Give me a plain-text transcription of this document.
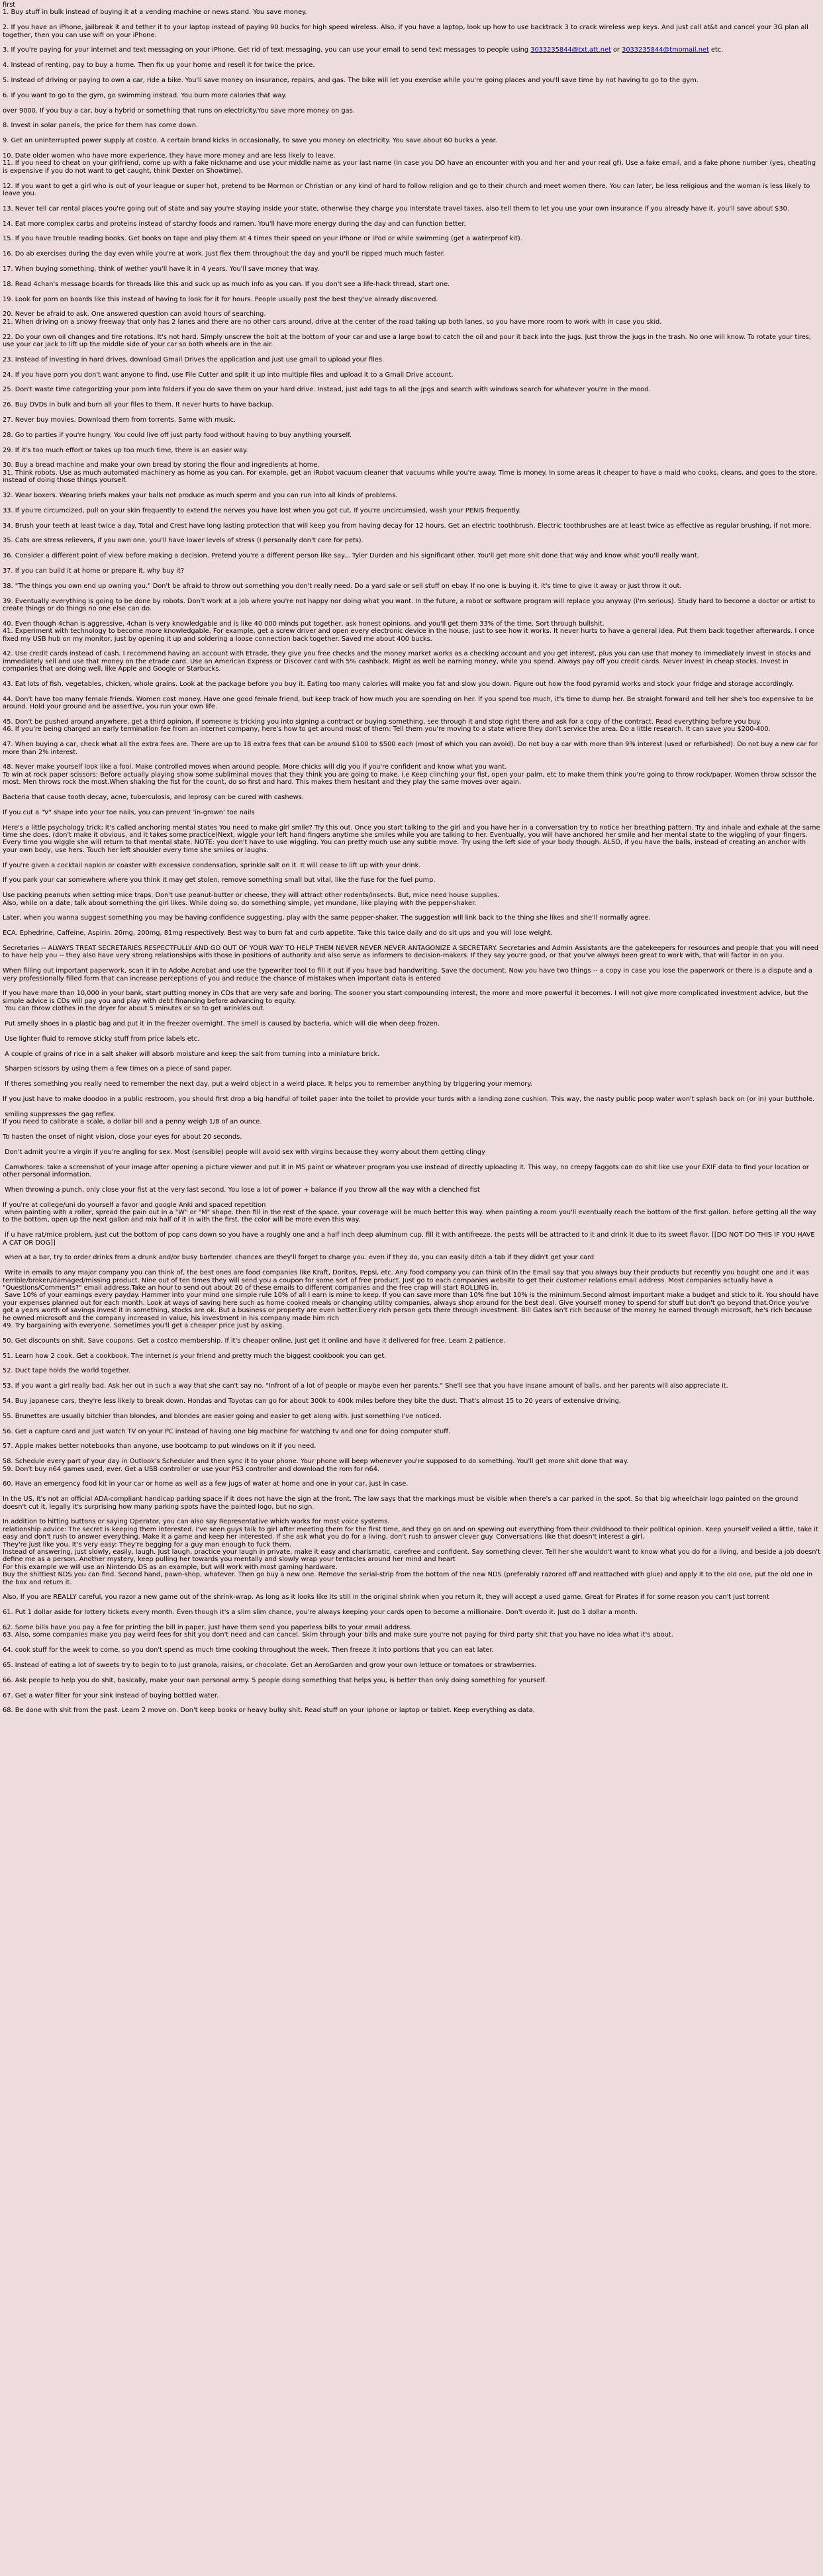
first
1. Buy stuff in bulk instead of buying it at a vending machine or news stand. You save money.
2. If you have an iPhone, jailbreak it and tether it to your laptop instead of paying 90 bucks for high speed wireless. Also, if you have a laptop, look up how to use backtrack 3 to crack wireless wep keys. And just call at&t and cancel your 3G plan all together, then you can use wifi on your iPhone.
3. If you're paying for your internet and text messaging on your iPhone. Get rid of text messaging, you can use your email to send text messages to people using 3033235844@txt.att.net or 3033235844@tmomail.net etc.
4. Instead of renting, pay to buy a home. Then fix up your home and resell it for twice the price.
5. Instead of driving or paying to own a car, ride a bike. You'll save money on insurance, repairs, and gas. The bike will let you exercise while you're going places and you'll save time by not having to go to the gym.
6. If you want to go to the gym, go swimming instead. You burn more calories that way.
over 9000. If you buy a car, buy a hybrid or something that runs on electricity.You save more money on gas.
8. Invest in solar panels, the price for them has come down.
9. Get an uninterrupted power supply at costco. A certain brand kicks in occasionally, to save you money on electricity. You save about 60 bucks a year.
10. Date older women who have more experience, they have more money and are less likely to leave.
11. If you need to cheat on your girlfriend, come up with a fake nickname and use your middle name as your last name (in case you DO have an encounter with you and her and your real gf). Use a fake email, and a fake phone number (yes, cheating is expensive if you do not want to get caught, think Dexter on Showtime).
12. If you want to get a girl who is out of your league or super hot, pretend to be Mormon or Christian or any kind of hard to follow religion and go to their church and meet women there. You can later, be less religious and the woman is less likely to leave you.
13. Never tell car rental places you're going out of state and say you're staying inside your state, otherwise they charge you interstate travel taxes, also tell them to let you use your own insurance if you already have it, you'll save about $30.
14. Eat more complex carbs and proteins instead of starchy foods and ramen. You'll have more energy during the day and can function better.
15. If you have trouble reading books. Get books on tape and play them at 4 times their speed on your iPhone or iPod or while swimming (get a waterproof kit).
16. Do ab exercises during the day even while you're at work. Just flex them throughout the day and you'll be ripped much much faster.
17. When buying something, think of wether you'll have it in 4 years. You'll save money that way.
18. Read 4chan's message boards for threads like this and suck up as much info as you can. If you don't see a life-hack thread, start one.
19. Look for porn on boards like this instead of having to look for it for hours. People usually post the best they've already discovered.
20. Never be afraid to ask. One answered question can avoid hours of searching.
21. When driving on a snowy freeway that only has 2 lanes and there are no other cars around, drive at the center of the road taking up both lanes, so you have more room to work with in case you skid.
22. Do your own oil changes and tire rotations. It's not hard. Simply unscrew the bolt at the bottom of your car and use a large bowl to catch the oil and pour it back into the jugs. Just throw the jugs in the trash. No one will know. To rotate your tires, use your car jack to lift up the middle side of your car so both wheels are in the air.
23. Instead of investing in hard drives, download Gmail Drives the application and just use gmail to upload your files.
24. If you have porn you don't want anyone to find, use File Cutter and split it up into multiple files and upload it to a Gmail Drive account.
25. Don't waste time categorizing your porn into folders if you do save them on your hard drive. Instead, just add tags to all the jpgs and search with windows search for whatever you're in the mood.
26. Buy DVDs in bulk and burn all your files to them. It never hurts to have backup.
27. Never buy movies. Download them from torrents. Same with music.
28. Go to parties if you're hungry. You could live off just party food without having to buy anything yourself.
29. If it's too much effort or takes up too much time, there is an easier way.
30. Buy a bread machine and make your own bread by storing the flour and ingredients at home.
31. Think robots. Use as much automated machinery as home as you can. For example, get an iRobot vacuum cleaner that vacuums while you're away. Time is money. In some areas it cheaper to have a maid who cooks, cleans, and goes to the store, instead of doing those things yourself.
32. Wear boxers. Wearing briefs makes your balls not produce as much sperm and you can run into all kinds of problems.
33. If you're circumcized, pull on your skin frequently to extend the nerves you have lost when you got cut. If you're uncircumsied, wash your PENIS frequently.
34. Brush your teeth at least twice a day. Total and Crest have long lasting protection that will keep you from having decay for 12 hours. Get an electric toothbrush. Electric toothbrushes are at least twice as effective as regular brushing, if not more.
35. Cats are stress relievers, if you own one, you'll have lower levels of stress (I personally don't care for pets).
36. Consider a different point of view before making a decision. Pretend you're a different person like say... Tyler Durden and his significant other. You'll get more shit done that way and know what you'll really want.
37. If you can build it at home or prepare it, why buy it?
38. "The things you own end up owning you." Don't be afraid to throw out something you don't really need. Do a yard sale or sell stuff on ebay. If no one is buying it, it's time to give it away or just throw it out.
39. Eventually everything is going to be done by robots. Don't work at a job where you're not happy nor doing what you want. In the future, a robot or software program will replace you anyway (I'm serious). Study hard to become a doctor or artist to create things or do things no one else can do.
40. Even though 4chan is aggressive, 4chan is very knowledgable and is like 40 000 minds put together, ask honest opinions, and you'll get them 33% of the time. Sort through bullshit.
41. Experiment with technology to become more knowledgable. For example, get a screw driver and open every electronic device in the house, just to see how it works. It never hurts to have a general idea. Put them back together afterwards. I once fixed my USB hub on my monitor, just by opening it up and soldering a loose connection back together. Saved me about 400 bucks.
42. Use credit cards instead of cash. I recommend having an account with Etrade, they give you free checks and the money market works as a checking account and you get interest, plus you can use that money to immediately invest in stocks and immediately sell and use that money on the etrade card. Use an American Express or Discover card with 5% cashback. Might as well be earning money, while you spend. Always pay off you credit cards. Never invest in cheap stocks. Invest in companies that are doing well, like Apple and Google or Starbucks.
43. Eat lots of fish, vegetables, chicken, whole grains. Look at the package before you buy it. Eating too many calories will make you fat and slow you down. Figure out how the food pyramid works and stock your fridge and storage accordingly.
44. Don't have too many female friends. Women cost money. Have one good female friend, but keep track of how much you are spending on her. If you spend too much, it's time to dump her. Be straight forward and tell her she's too expensive to be around. Hold your ground and be assertive, you run your own life.
45. Don't be pushed around anywhere, get a third opinion, if someone is tricking you into signing a contract or buying something, see through it and stop right there and ask for a copy of the contract. Read everything before you buy.
46. If you're being charged an early termination fee from an internet company, here's how to get around most of them: Tell them you're moving to a state where they don't service the area. Do a little research. It can save you $200-400.
47. When buying a car, check what all the extra fees are. There are up to 18 extra fees that can be around $100 to $500 each (most of which you can avoid). Do not buy a car with more than 9% interest (used or refurbished). Do not buy a new car for more than 2% interest.
48. Never make yourself look like a fool. Make controlled moves when around people. More chicks will dig you if you're confident and know what you want.
To win at rock paper scissors: Before actually playing show some subliminal moves that they think you are going to make. i.e Keep clinching your fist, open your palm, etc to make them think you're going to throw rock/paper. Women throw scissor the most. Men throws rock the most.When shaking the fist for the count, do so first and hard. This makes them hesitant and they play the same moves over again.
Bacteria that cause tooth decay, acne, tuberculosis, and leprosy can be cured with cashews.
If you cut a "V" shape into your toe nails, you can prevent 'in-grown' toe nails
Here's a little psychology trick; it's called anchoring mental states You need to make girl smile? Try this out. Once you start talking to the girl and you have her in a conversation try to notice her breathing pattern. Try and inhale and exhale at the same time she does. (don't make it obvious, and it takes some practice)Next, wiggle your left hand fingers anytime she smiles while you are talking to her. Eventually, you will have anchored her smile and her mental state to the wiggling of your fingers. Every time you wiggle she will return to that mental state. NOTE: you don't have to use wiggling. You can pretty much use any subtle move. Try using the left side of your body though. ALSO, if you have the balls, instead of creating an anchor with your own body, use hers. Touch her left shoulder every time she smiles or laughs.
If you're given a cocktail napkin or coaster with excessive condensation, sprinkle salt on it. It will cease to lift up with your drink.
If you park your car somewhere where you think it may get stolen, remove something small but vital, like the fuse for the fuel pump.
Use packing peanuts when setting mice traps. Don't use peanut-butter or cheese, they will attract other rodents/insects. But, mice need house supplies.
Also, while on a date, talk about something the girl likes. While doing so, do something simple, yet mundane, like playing with the pepper-shaker.
Later, when you wanna suggest something you may be having confidence suggesting, play with the same pepper-shaker. The suggestion will link back to the thing she likes and she'll normally agree.
ECA. Ephedrine, Caffeine, Aspirin. 20mg, 200mg, 81mg respectively. Best way to burn fat and curb appetite. Take this twice daily and do sit ups and you will lose weight.
Secretaries -- ALWAYS TREAT SECRETARIES RESPECTFULLY AND GO OUT OF YOUR WAY TO HELP THEM NEVER NEVER NEVER ANTAGONIZE A SECRETARY. Secretaries and Admin Assistants are the gatekeepers for resources and people that you will need to have help you -- they also have very strong relationships with those in positions of authority and also serve as informers to decision-makers. If they say you're good, or that you've always been great to work with, that will factor in on you.
When filling out important paperwork, scan it in to Adobe Acrobat and use the typewriter tool to fill it out if you have bad handwriting. Save the document. Now you have two things -- a copy in case you lose the paperwork or there is a dispute and a very professionally filled form that can increase perceptions of you and reduce the chance of mistakes when important data is entered
If you have more than 10,000 in your bank, start putting money in CDs that are very safe and boring. The sooner you start compounding interest, the more and more powerful it becomes. I will not give more complicated investment advice, but the simple advice is CDs will pay you and play with debt financing before advancing to equity.
You can throw clothes in the dryer for about 5 minutes or so to get wrinkles out.
Put smelly shoes in a plastic bag and put it in the freezer overnight. The smell is caused by bacteria, which will die when deep frozen.
Use lighter fluid to remove sticky stuff from price labels etc.
A couple of grains of rice in a salt shaker will absorb moisture and keep the salt from turning into a miniature brick.
Sharpen scissors by using them a few times on a piece of sand paper.
If theres something you really need to remember the next day, put a weird object in a weird place. It helps you to remember anything by triggering your memory.
If you just have to make doodoo in a public restroom, you should first drop a big handful of toilet paper into the toilet to provide your turds with a landing zone cushion. This way, the nasty public poop water won't splash back on (or in) your butthole.
smiling suppresses the gag reflex.
If you need to calibrate a scale, a dollar bill and a penny weigh 1/8 of an ounce.
To hasten the onset of night vision, close your eyes for about 20 seconds.
Don't admit you're a virgin if you're angling for sex. Most (sensible) people will avoid sex with virgins because they worry about them getting clingy
Camwhores: take a screenshot of your image after opening a picture viewer and put it in MS paint or whatever program you use instead of directly uploading it. This way, no creepy faggots can do shit like use your EXIF data to find your location or other personal information.
When throwing a punch, only close your fist at the very last second. You lose a lot of power + balance if you throw all the way with a clenched fist
If you're at college/uni do yourself a favor and google Anki and spaced repetition
when painting with a roller, spread the pain out in a "W" or "M" shape. then fill in the rest of the space. your coverage will be much better this way. when painting a room you'll eventually reach the bottom of the first gallon. before getting all the way to the bottom, open up the next gallon and mix half of it in with the first. the color will be more even this way.
if u have rat/mice problem, just cut the bottom of pop cans down so you have a roughly one and a half inch deep aluminum cup. fill it with antifreeze. the pests will be attracted to it and drink it due to its sweet flavor. [[DO NOT DO THIS IF YOU HAVE A CAT OR DOG]]
when at a bar, try to order drinks from a drunk and/or busy bartender. chances are they'll forget to charge you. even if they do, you can easily ditch a tab if they didn't get your card
Write in emails to any major company you can think of, the best ones are food companies like Kraft, Doritos, Pepsi, etc. Any food company you can think of.In the Email say that you always buy their products but recently you bought one and it was terrible/broken/damaged/missing product. Nine out of ten times they will send you a coupon for some sort of free product. Just go to each companies website to get their customer relations email address. Most companies actually have a "Questions/Comments?" email address.Take an hour to send out about 20 of these emails to different companies and the free crap will start ROLLING in.
Save 10% of your earnings every payday. Hammer into your mind one simple rule 10% of all I earn is mine to keep. If you can save more than 10% fine but 10% is the minimum.Second almost important make a budget and stick to it. You should have your expenses planned out for each month. Look at ways of saving here such as home cooked meals or changing utility companies, always shop around for the best deal. Give yourself money to spend for stuff but don't go beyond that.Once you've got a years worth of savings invest it in something, stocks are ok. But a business or property are even better.Every rich person gets there through investment. Bill Gates isn't rich because of the money he earned through microsoft, he's rich because he owned microsoft and the company increased in value, his investment in his company made him rich
49. Try bargaining with everyone. Sometimes you'll get a cheaper price just by asking.
50. Get discounts on shit. Save coupons. Get a costco membership. If it's cheaper online, just get it online and have it delivered for free. Learn 2 patience.
51. Learn how 2 cook. Get a cookbook. The internet is your friend and pretty much the biggest cookbook you can get.
52. Duct tape holds the world together.
53. If you want a girl really bad. Ask her out in such a way that she can't say no. "Infront of a lot of people or maybe even her parents." She'll see that you have insane amount of balls, and her parents will also appreciate it.
54. Buy japanese cars, they're less likely to break down. Hondas and Toyotas can go for about 300k to 400k miles before they bite the dust. That's almost 15 to 20 years of extensive driving.
55. Brunettes are usually bitchier than blondes, and blondes are easier going and easier to get along with. Just something I've noticed.
56. Get a capture card and just watch TV on your PC instead of having one big machine for watching tv and one for doing computer stuff.
57. Apple makes better notebooks than anyone, use bootcamp to put windows on it if you need.
58. Schedule every part of your day in Outlook's Scheduler and then sync it to your phone. Your phone will beep whenever you're supposed to do something. You'll get more shit done that way.
59. Don't buy n64 games used, ever. Get a USB controller or use your PS3 controller and download the rom for n64.
60. Have an emergency food kit in your car or home as well as a few jugs of water at home and one in your car, just in case.
In the US, it's not an official ADA-compliant handicap parking space if it does not have the sign at the front. The law says that the markings must be visible when there's a car parked in the spot. So that big wheelchair logo painted on the ground doesn't cut it, legally it's surprising how many parking spots have the painted logo, but no sign.
In addition to hitting buttons or saying Operator, you can also say Representative which works for most voice systems.
relationship advice: The secret is keeping them interested. I've seen guys talk to girl after meeting them for the first time, and they go on and on spewing out everything from their childhood to their political opinion. Keep yourself veiled a little, take it easy and don't rush to answer everything. Make it a game and keep her interested. If she ask what you do for a living, don't rush to answer clever guy. Conversations like that doesn't interest a girl.
They're just like you. It's very easy: They're begging for a guy man enough to fuck them.
Instead of answering, just slowly, easily, laugh. Just laugh, practice your laugh in private, make it easy and charismatic, carefree and confident. Say something clever. Tell her she wouldn't want to know what you do for a living, and beside a job doesn't define me as a person. Another mystery, keep pulling her towards you mentally and slowly wrap your tentacles around her mind and heart
For this example we will use an Nintendo DS as an example, but will work with most gaming hardware.
Buy the shittiest NDS you can find. Second hand, pawn-shop, whatever. Then go buy a new one. Remove the serial-strip from the bottom of the new NDS (preferably razored off and reattached with glue) and apply it to the old one, put the old one in the box and return it.
Also, If you are REALLY careful, you razor a new game out of the shrink-wrap. As long as it looks like its still in the original shrink when you return it, they will accept a used game. Great for Pirates if for some reason you can't just torrent
61. Put 1 dollar aside for lottery tickets every month. Even though it's a slim slim chance, you're always keeping your cards open to become a millionaire. Don't overdo it. Just do 1 dollar a month.
62. Some bills have you pay a fee for printing the bill in paper, just have them send you paperless bills to your email address.
63. Also, some companies make you pay weird fees for shit you don't need and can cancel. Skim through your bills and make sure you're not paying for third party shit that you have no idea what it's about.
64. cook stuff for the week to come, so you don't spend as much time cooking throughout the week. Then freeze it into portions that you can eat later.
65. Instead of eating a lot of sweets try to begin to to just granola, raisins, or chocolate. Get an AeroGarden and grow your own lettuce or tomatoes or strawberries.
66. Ask people to help you do shit, basically, make your own personal army. 5 people doing something that helps you, is better than only doing something for yourself.
67. Get a water filter for your sink instead of buying bottled water.
68. Be done with shit from the past. Learn 2 move on. Don't keep books or heavy bulky shit. Read stuff on your iphone or laptop or tablet. Keep everything as data.
